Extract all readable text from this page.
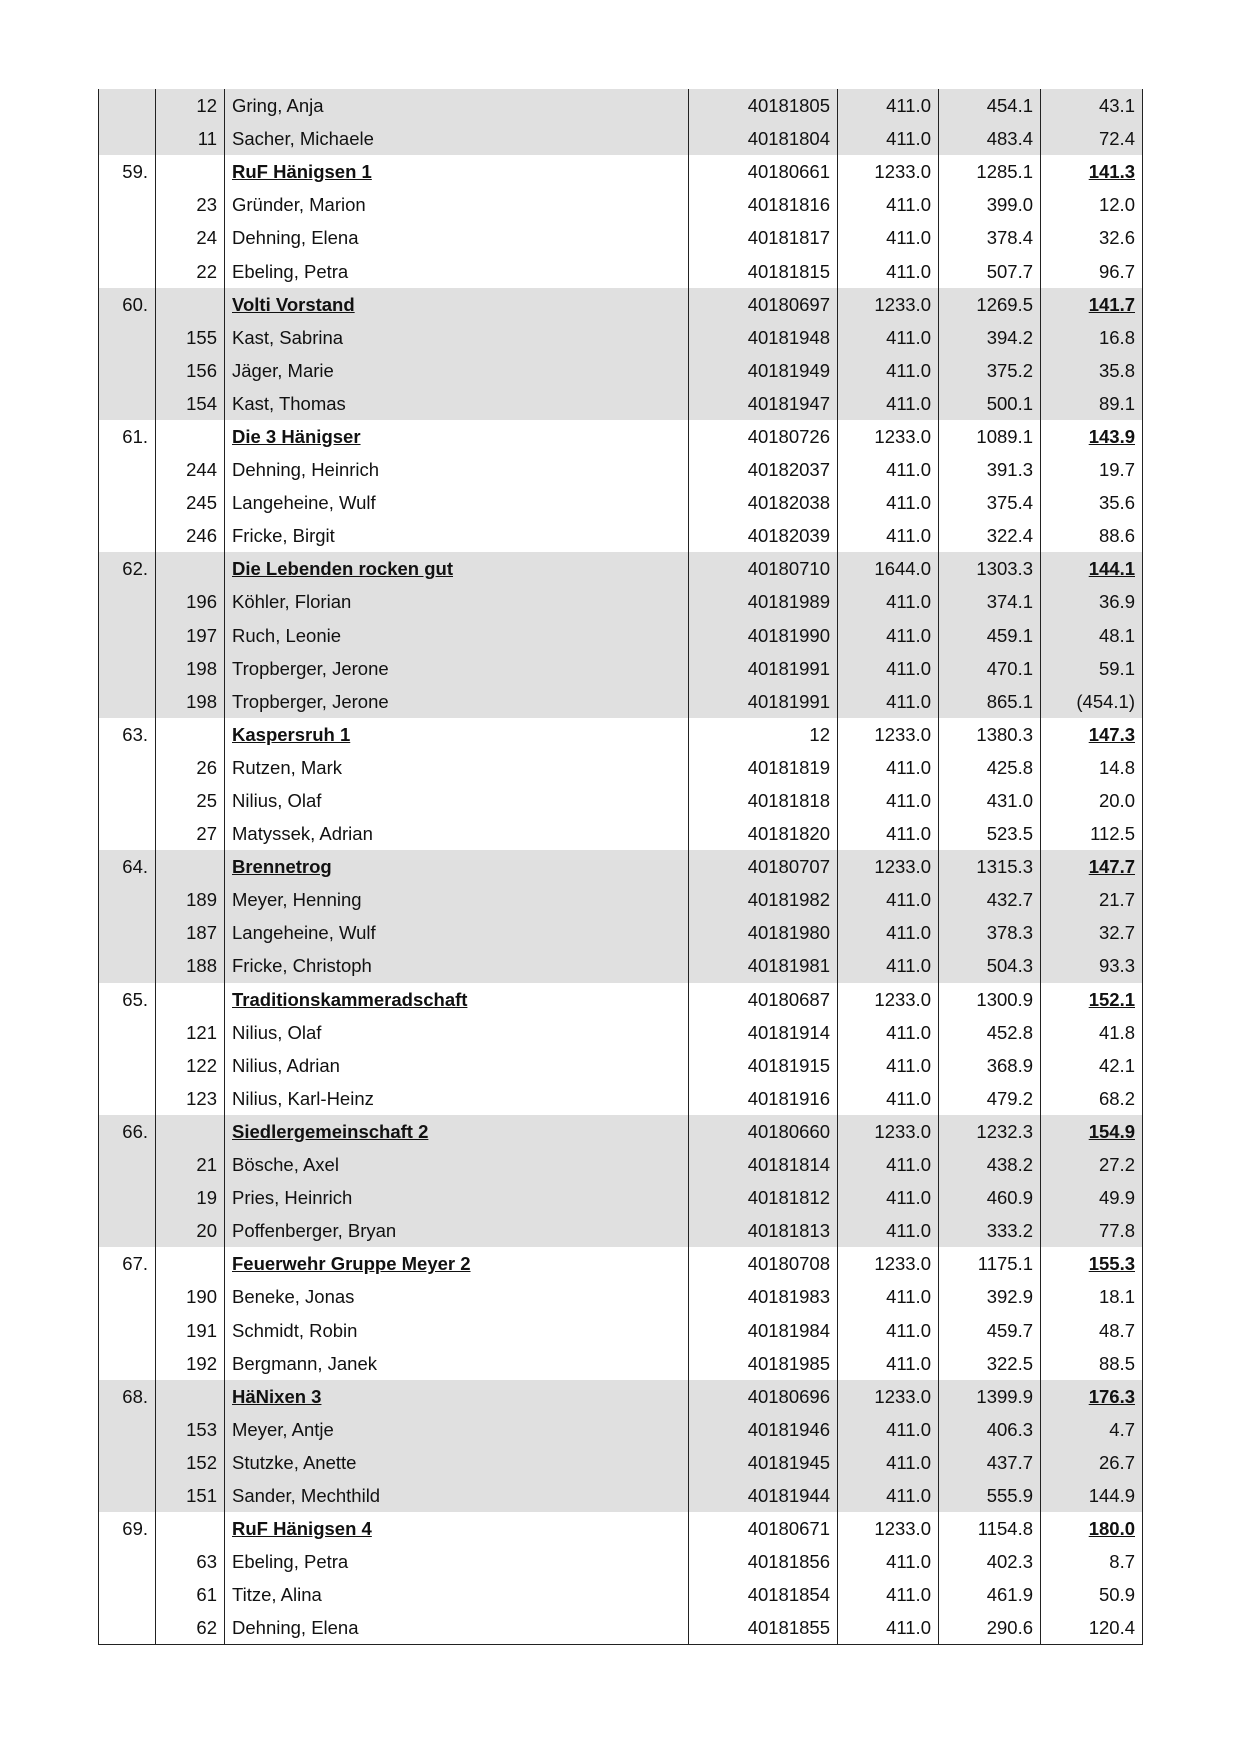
	12	Gring, Anja	40181805	411.0	454.1	43.1
	11	Sacher, Michaele	40181804	411.0	483.4	72.4
59.		RuF Hänigsen 1	40180661	1233.0	1285.1	141.3
	23	Gründer, Marion	40181816	411.0	399.0	12.0
	24	Dehning, Elena	40181817	411.0	378.4	32.6
	22	Ebeling, Petra	40181815	411.0	507.7	96.7
60.		Volti Vorstand	40180697	1233.0	1269.5	141.7
	155	Kast, Sabrina	40181948	411.0	394.2	16.8
	156	Jäger, Marie	40181949	411.0	375.2	35.8
	154	Kast, Thomas	40181947	411.0	500.1	89.1
61.		Die 3 Hänigser	40180726	1233.0	1089.1	143.9
	244	Dehning, Heinrich	40182037	411.0	391.3	19.7
	245	Langeheine, Wulf	40182038	411.0	375.4	35.6
	246	Fricke, Birgit	40182039	411.0	322.4	88.6
62.		Die Lebenden rocken gut	40180710	1644.0	1303.3	144.1
	196	Köhler, Florian	40181989	411.0	374.1	36.9
	197	Ruch, Leonie	40181990	411.0	459.1	48.1
	198	Tropberger, Jerone	40181991	411.0	470.1	59.1
	198	Tropberger, Jerone	40181991	411.0	865.1	(454.1)
63.		Kaspersruh 1	12	1233.0	1380.3	147.3
	26	Rutzen, Mark	40181819	411.0	425.8	14.8
	25	Nilius, Olaf	40181818	411.0	431.0	20.0
	27	Matyssek, Adrian	40181820	411.0	523.5	112.5
64.		Brennetrog	40180707	1233.0	1315.3	147.7
	189	Meyer, Henning	40181982	411.0	432.7	21.7
	187	Langeheine, Wulf	40181980	411.0	378.3	32.7
	188	Fricke, Christoph	40181981	411.0	504.3	93.3
65.		Traditionskammeradschaft	40180687	1233.0	1300.9	152.1
	121	Nilius, Olaf	40181914	411.0	452.8	41.8
	122	Nilius, Adrian	40181915	411.0	368.9	42.1
	123	Nilius, Karl-Heinz	40181916	411.0	479.2	68.2
66.		Siedlergemeinschaft 2	40180660	1233.0	1232.3	154.9
	21	Bösche, Axel	40181814	411.0	438.2	27.2
	19	Pries, Heinrich	40181812	411.0	460.9	49.9
	20	Poffenberger, Bryan	40181813	411.0	333.2	77.8
67.		Feuerwehr Gruppe Meyer 2	40180708	1233.0	1175.1	155.3
	190	Beneke, Jonas	40181983	411.0	392.9	18.1
	191	Schmidt, Robin	40181984	411.0	459.7	48.7
	192	Bergmann, Janek	40181985	411.0	322.5	88.5
68.		HäNixen 3	40180696	1233.0	1399.9	176.3
	153	Meyer, Antje	40181946	411.0	406.3	4.7
	152	Stutzke, Anette	40181945	411.0	437.7	26.7
	151	Sander, Mechthild	40181944	411.0	555.9	144.9
69.		RuF Hänigsen 4	40180671	1233.0	1154.8	180.0
	63	Ebeling, Petra	40181856	411.0	402.3	8.7
	61	Titze, Alina	40181854	411.0	461.9	50.9
	62	Dehning, Elena	40181855	411.0	290.6	120.4
